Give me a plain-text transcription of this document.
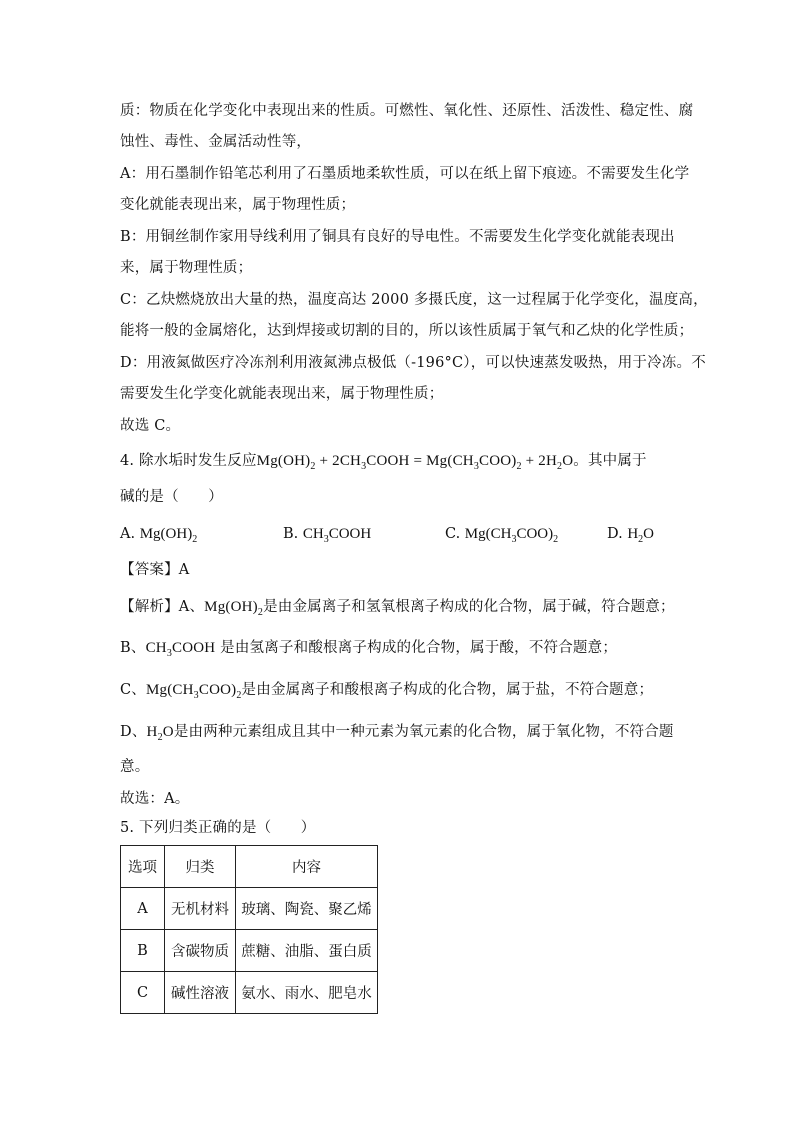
质：物质在化学变化中表现出来的性质。可燃性、氧化性、还原性、活泼性、稳定性、腐

蚀性、毒性、金属活动性等，

A：用石墨制作铅笔芯利用了石墨质地柔软性质，可以在纸上留下痕迹。不需要发生化学

变化就能表现出来，属于物理性质；

B：用铜丝制作家用导线利用了铜具有良好的导电性。不需要发生化学变化就能表现出

来，属于物理性质；

C：乙炔燃烧放出大量的热，温度高达 2000 多摄氏度，这一过程属于化学变化，温度高，

能将一般的金属熔化，达到焊接或切割的目的，所以该性质属于氧气和乙炔的化学性质；

D：用液氮做医疗冷冻剂利用液氮沸点极低（-196°C），可以快速蒸发吸热，用于冷冻。不

需要发生化学变化就能表现出来，属于物理性质；

故选 C。

4. 除水垢时发生反应$Mg(OH)_2$ + $2CH_3COOH = Mg(CH_3COO)_2 + 2H_2O$。其中属于

碱的是（　　）

A. $Mg(OH)_2$	B. $CH_3COOH$	C. $Mg(CH_3COO)_2$	D. $H_2O$

【答案】A

【解析】A、$Mg(OH)_2$是由金属离子和氢氧根离子构成的化合物，属于碱，符合题意；

B、$CH_3COOH$ 是由氢离子和酸根离子构成的化合物，属于酸，不符合题意；

C、$Mg(CH_3COO)_2$是由金属离子和酸根离子构成的化合物，属于盐，不符合题意；

D、$H_2O$是由两种元素组成且其中一种元素为氧元素的化合物，属于氧化物，不符合题

意。

故选：A。

5. 下列归类正确的是（　　）

选项	归类	内容
A	无机材料	玻璃、陶瓷、聚乙烯
B	含碳物质	蔗糖、油脂、蛋白质
C	碱性溶液	氨水、雨水、肥皂水
